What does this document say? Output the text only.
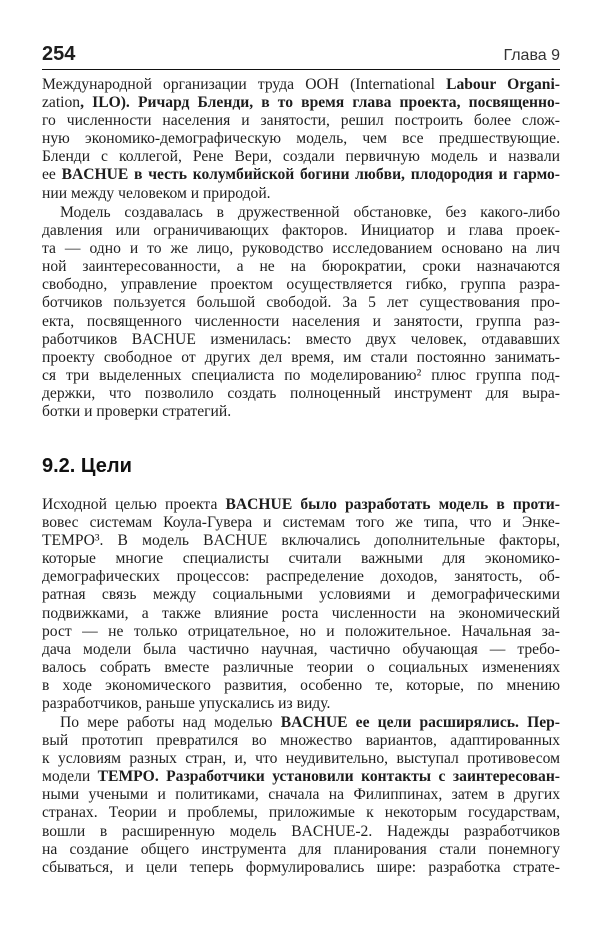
254	Глава 9
Международной организации труда ООН (International Labour Organi-
zation, ILO). Ричард Бленди, в то время глава проекта, посвященно-
го численности населения и занятости, решил построить более слож-
ную экономико-демографическую модель, чем все предшествующие.
Бленди с коллегой, Рене Вери, создали первичную модель и назвали
ее BACHUE в честь колумбийской богини любви, плодородия и гармо-
нии между человеком и природой.
Модель создавалась в дружественной обстановке, без какого-либо
давления или ограничивающих факторов. Инициатор и глава проек-
та — одно и то же лицо, руководство исследованием основано на лич
ной заинтересованности, а не на бюрократии, сроки назначаются
свободно, управление проектом осуществляется гибко, группа разра-
ботчиков пользуется большой свободой. За 5 лет существования про-
екта, посвященного численности населения и занятости, группа раз-
работчиков BACHUE изменилась: вместо двух человек, отдававших
проекту свободное от других дел время, им стали постоянно занимать-
ся три выделенных специалиста по моделированию² плюс группа под-
держки, что позволило создать полноценный инструмент для выра-
ботки и проверки стратегий.
9.2. Цели
Исходной целью проекта BACHUE было разработать модель в проти-
вовес системам Коула-Гувера и системам того же типа, что и Энке-
TEMPO³. В модель BACHUE включались дополнительные факторы,
которые многие специалисты считали важными для экономико-
демографических процессов: распределение доходов, занятость, об-
ратная связь между социальными условиями и демографическими
подвижками, а также влияние роста численности на экономический
рост — не только отрицательное, но и положительное. Начальная за-
дача модели была частично научная, частично обучающая — требо-
валось собрать вместе различные теории о социальных изменениях
в ходе экономического развития, особенно те, которые, по мнению
разработчиков, раньше упускались из виду.
По мере работы над моделью BACHUE ее цели расширялись. Пер-
вый прототип превратился во множество вариантов, адаптированных
к условиям разных стран, и, что неудивительно, выступал противовесом
модели TEMPO. Разработчики установили контакты с заинтересован-
ными учеными и политиками, сначала на Филиппинах, затем в других
странах. Теории и проблемы, приложимые к некоторым государствам,
вошли в расширенную модель BACHUE-2. Надежды разработчиков
на создание общего инструмента для планирования стали понемногу
сбываться, и цели теперь формулировались шире: разработка страте-
